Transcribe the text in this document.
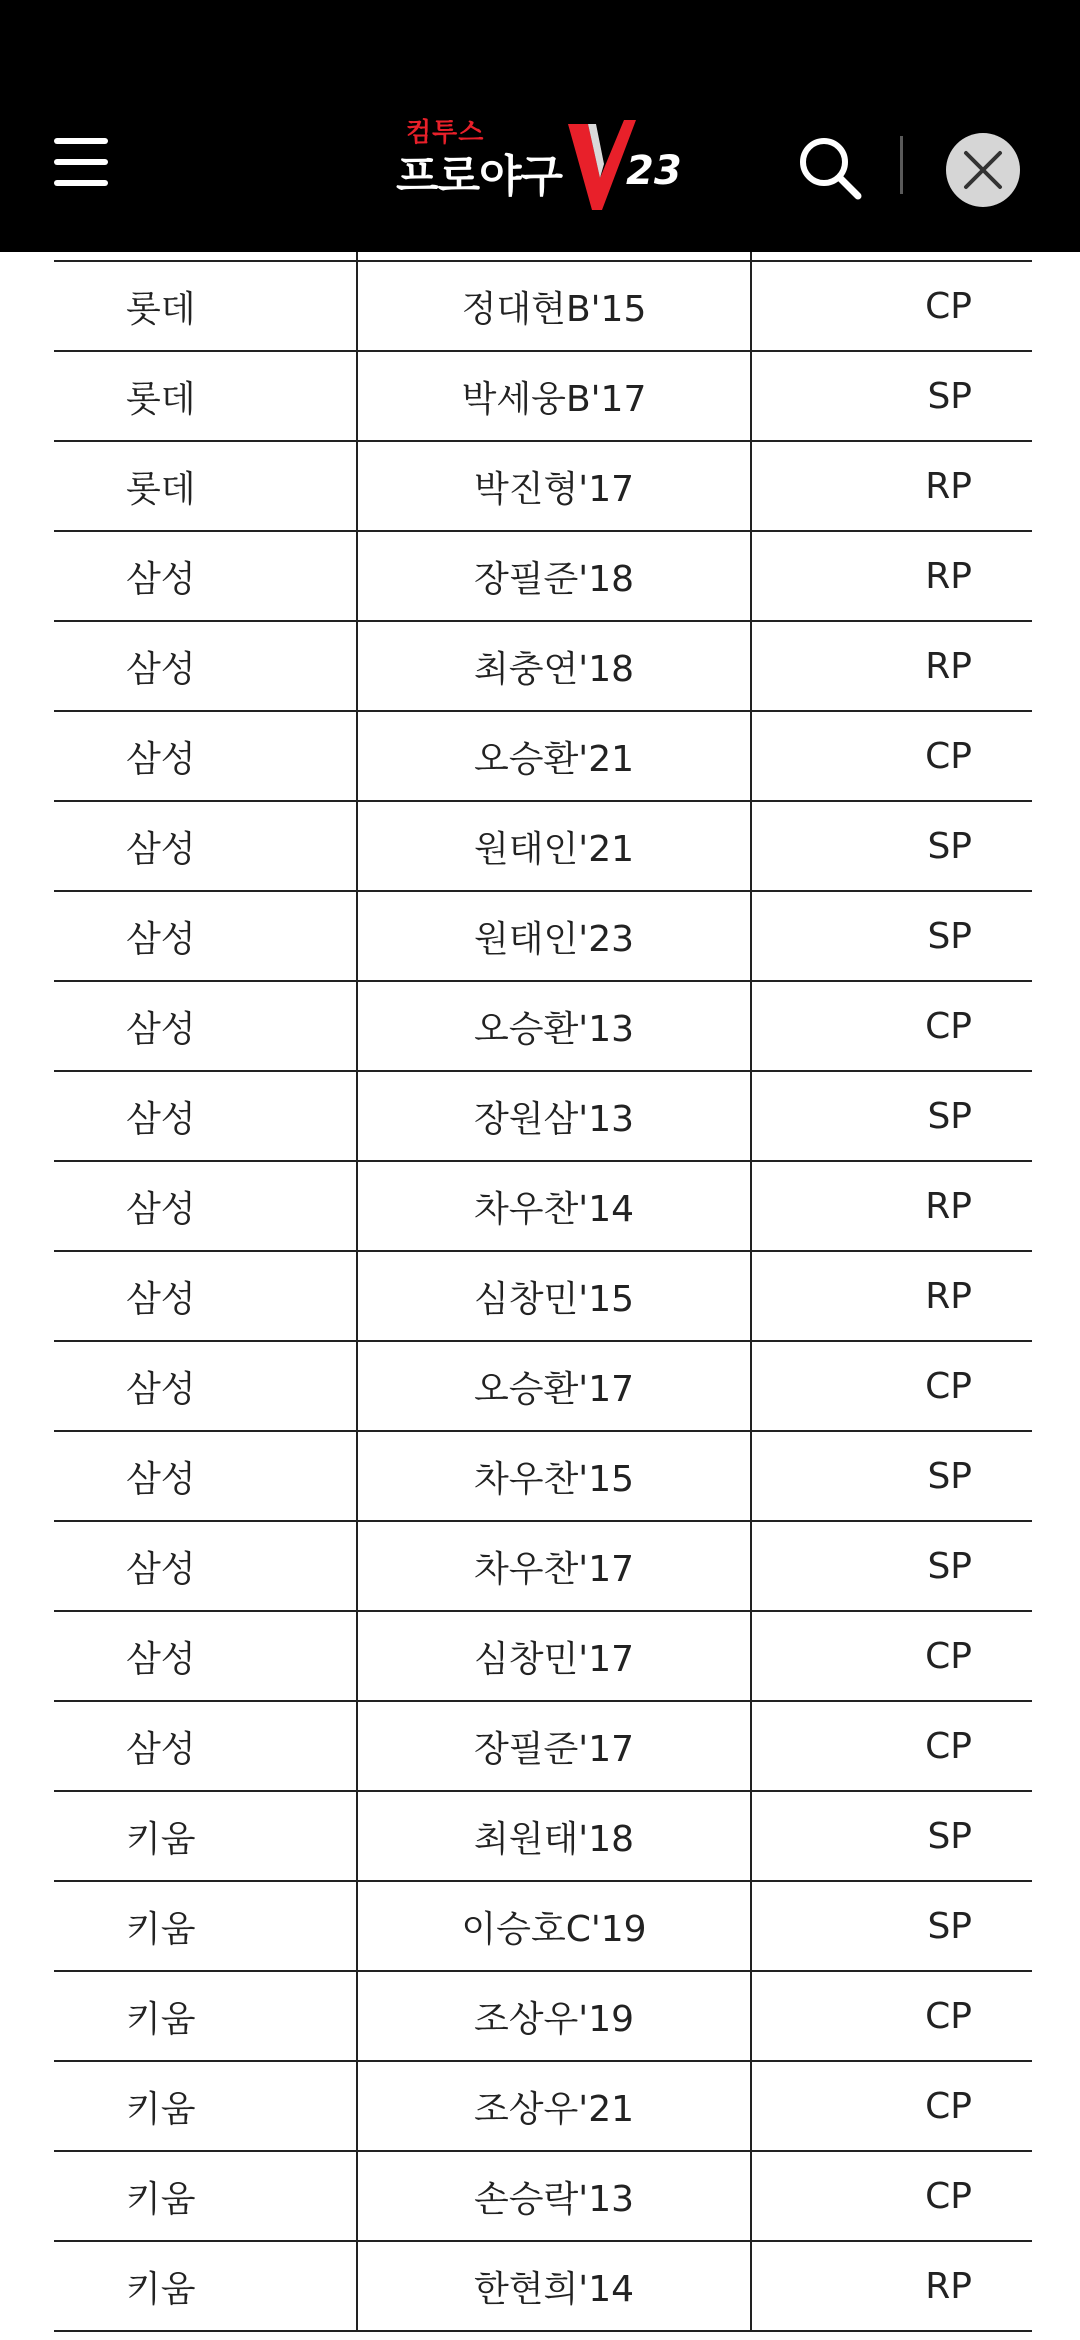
컴투스
프로야구 23

롯데	정대현B'15	CP
롯데	박세웅B'17	SP
롯데	박진형'17	RP
삼성	장필준'18	RP
삼성	최충연'18	RP
삼성	오승환'21	CP
삼성	원태인'21	SP
삼성	원태인'23	SP
삼성	오승환'13	CP
삼성	장원삼'13	SP
삼성	차우찬'14	RP
삼성	심창민'15	RP
삼성	오승환'17	CP
삼성	차우찬'15	SP
삼성	차우찬'17	SP
삼성	심창민'17	CP
삼성	장필준'17	CP
키움	최원태'18	SP
키움	이승호C'19	SP
키움	조상우'19	CP
키움	조상우'21	CP
키움	손승락'13	CP
키움	한현희'14	RP
